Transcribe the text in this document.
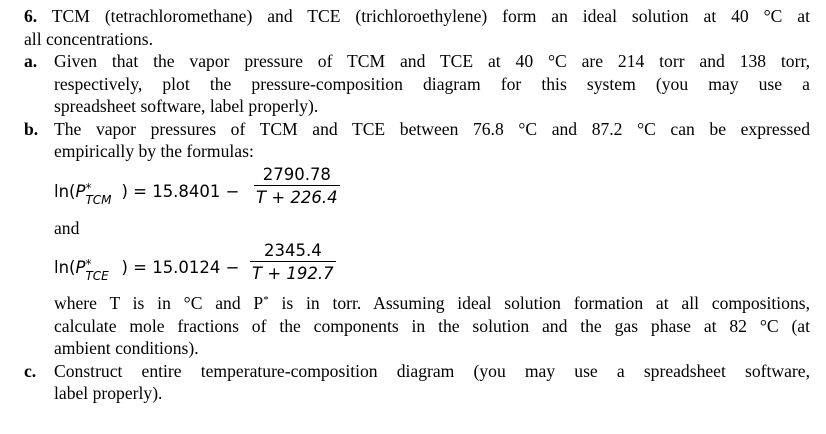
6. TCM (tetrachloromethane) and TCE (trichloroethylene) form an ideal solution at 40 °C at
all concentrations.
a. Given that the vapor pressure of TCM and TCE at 40 °C are 214 torr and 138 torr,
respectively, plot the pressure-composition diagram for this system (you may use a
spreadsheet software, label properly).
b. The vapor pressures of TCM and TCE between 76.8 °C and 87.2 °C can be expressed
empirically by the formulas:
ln(P *
TCM ) = $15.8401 - \frac{2790.78}{T + 226.4}$
and
ln(P *
TCE ) = $15.0124 - \frac{2345.4}{T + 192.7}$
where T is in °C and P* is in torr. Assuming ideal solution formation at all compositions,
calculate mole fractions of the components in the solution and the gas phase at 82 °C (at
ambient conditions).
c. Construct entire temperature-composition diagram (you may use a spreadsheet software,
label properly).
